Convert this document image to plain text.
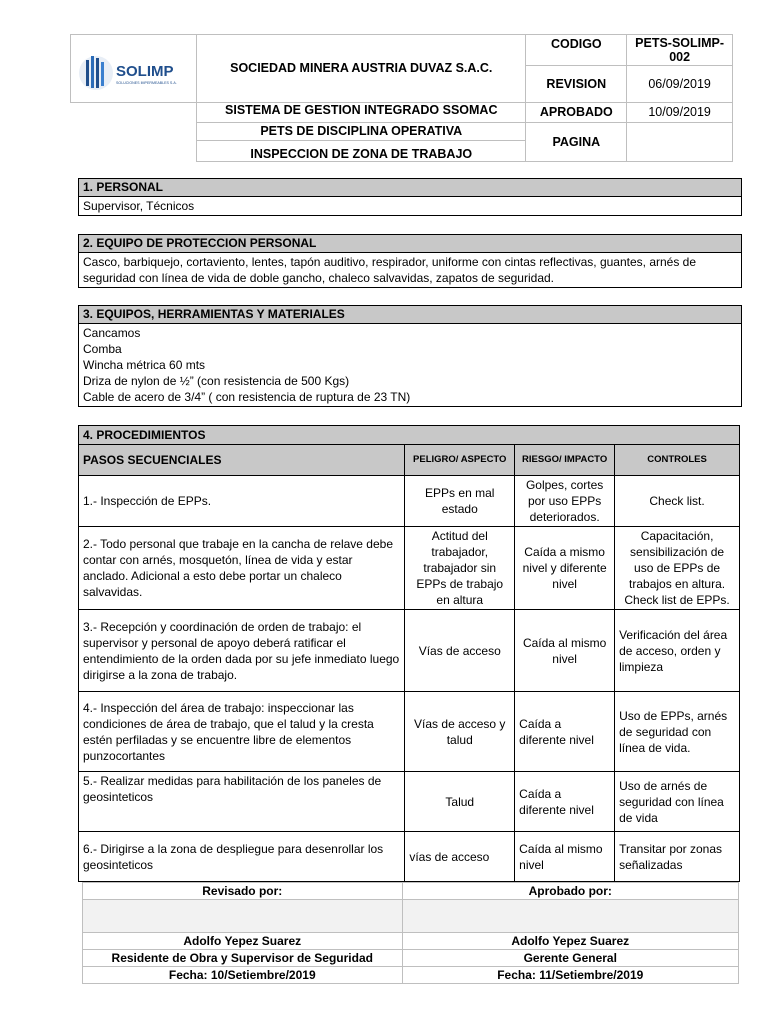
SOLIMP
SOLUCIONES IMPERMEABLES S.A.
	SOCIEDAD MINERA AUSTRIA DUVAZ S.A.C.	CODIGO	PETS-SOLIMP-002
		REVISION	06/09/2019
	SISTEMA DE GESTION INTEGRADO SSOMAC	APROBADO	10/09/2019

	PETS DE DISCIPLINA OPERATIVA
INSPECCION DE ZONA DE TRABAJO	PAGINA	
1. PERSONAL
Supervisor, Técnicos
2. EQUIPO DE PROTECCION PERSONAL
Casco, barbiquejo, cortaviento, lentes, tapón auditivo, respirador, uniforme con cintas reflectivas, guantes, arnés de seguridad con línea de vida de doble gancho, chaleco salvavidas, zapatos de seguridad.
3. EQUIPOS, HERRAMIENTAS Y MATERIALES
Cancamos
Comba
Wincha métrica 60 mts
Driza de nylon de ½” (con resistencia de 500 Kgs)
Cable de acero de 3/4” ( con resistencia de ruptura de 23 TN)
4. PROCEDIMIENTOS			
PASOS SECUENCIALES	PELIGRO/ ASPECTO	RIESGO/ IMPACTO	CONTROLES
1.- Inspección de EPPs.	EPPs en mal estado	Golpes, cortes por uso EPPs deteriorados.	Check list.
2.- Todo personal que trabaje en la cancha de relave debe contar con arnés, mosquetón, línea de vida y estar anclado. Adicional a esto debe portar un chaleco salvavidas.	Actitud del trabajador, trabajador sin EPPs de trabajo en altura	Caída a mismo nivel y diferente nivel	Capacitación, sensibilización de uso de EPPs de trabajos en altura. Check list de EPPs.
3.- Recepción y coordinación de orden de trabajo: el supervisor y personal de apoyo deberá ratificar el entendimiento de la orden dada por su jefe inmediato luego dirigirse a la zona de trabajo.	Vías de acceso	Caída al mismo nivel	Verificación del área de acceso, orden y limpieza
4.- Inspección del área de trabajo: inspeccionar las condiciones de área de trabajo, que el talud y la cresta estén perfiladas y se encuentre libre de elementos punzocortantes	Vías de acceso y talud	Caída a diferente nivel	Uso de EPPs, arnés de seguridad con línea de vida.
5.- Realizar medidas para habilitación de los paneles de geosinteticos	Talud	Caída a diferente nivel	Uso de arnés de seguridad con línea de vida
6.- Dirigirse a la zona de despliegue para desenrollar los geosinteticos	vías de acceso	Caída al mismo nivel	Transitar por zonas señalizadas
Revisado por:	Aprobado por:

Adolfo Yepez Suarez	Adolfo Yepez Suarez
Residente de Obra y Supervisor de Seguridad	Gerente General
Fecha: 10/Setiembre/2019	Fecha: 11/Setiembre/2019
